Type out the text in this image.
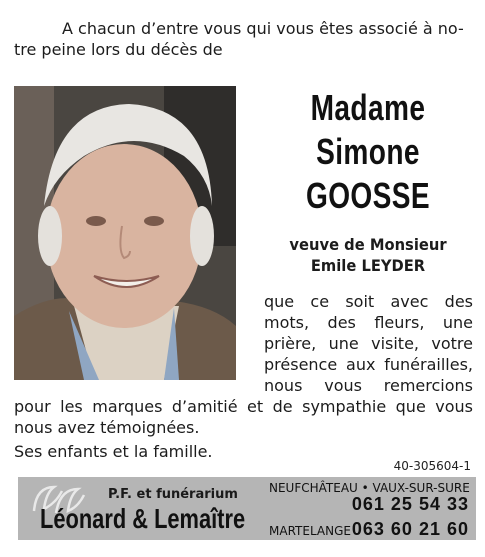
A chacun d’entre vous qui vous êtes associé à no-
tre peine lors du décès de
Madame
Simone
GOOSSE
veuve de Monsieur
Emile LEYDER
que ce soit avec des
mots, des fleurs, une
prière, une visite, votre
présence aux funérailles,
nous vous remercions
pour les marques d’amitié et de sympathie que vous nous avez témoignées.
Ses enfants et la famille.
40-305604-1
P.F. et funérarium
Léonard & Lemaître
NEUFCHÂTEAU • VAUX-SUR-SURE
061 25 54 33
MARTELANGE 063 60 21 60
